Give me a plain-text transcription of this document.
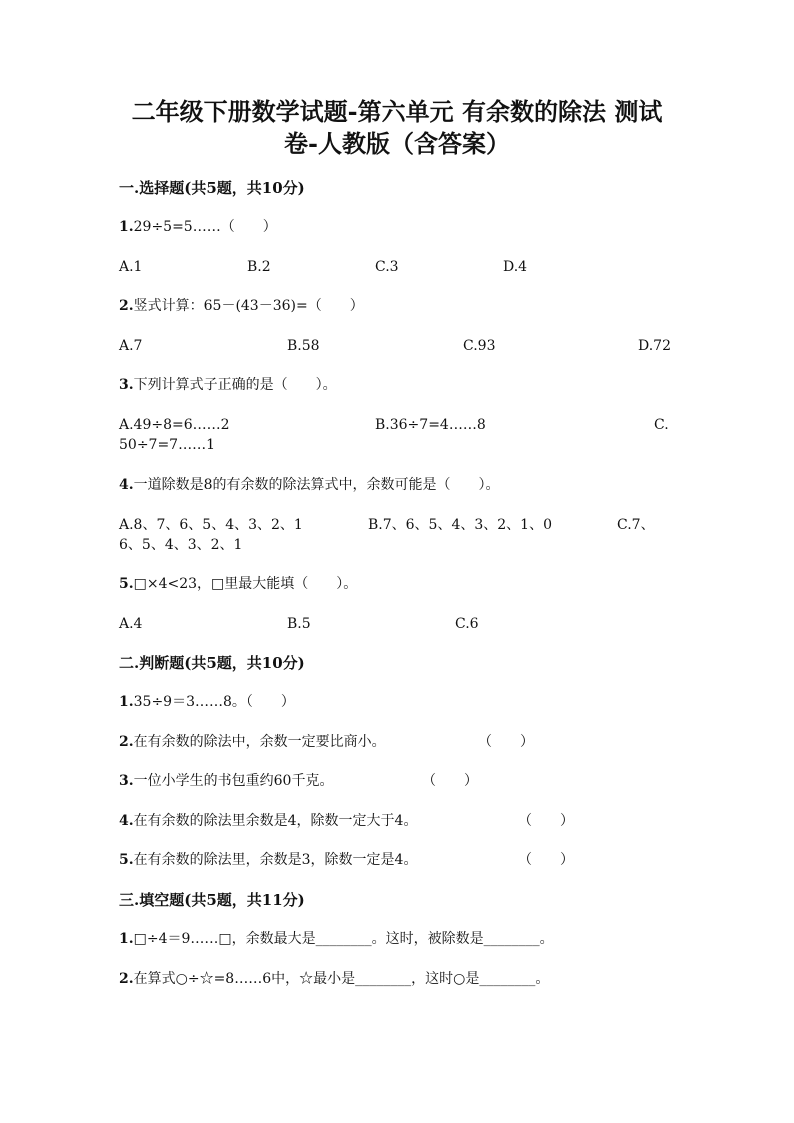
二年级下册数学试题-第六单元 有余数的除法 测试
卷-人教版（含答案）
一.选择题(共5题，共10分)
1.29÷5=5……（　　）
A.1	B.2	C.3	D.4
2.竖式计算：65－(43－36)=（　　）
A.7	B.58	C.93	D.72
3.下列计算式子正确的是（　　）。
A.49÷8=6……2	B.36÷7=4……8	C.
50÷7=7……1
4.一道除数是8的有余数的除法算式中，余数可能是（　　）。
A.8、7、6、5、4、3、2、1	B.7、6、5、4、3、2、1、0	C.7、
6、5、4、3、2、1
5.□×4<23，□里最大能填（　　）。
A.4	B.5	C.6
二.判断题(共5题，共10分)
1.35÷9＝3……8。（　　）
2.在有余数的除法中，余数一定要比商小。	（　　）
3.一位小学生的书包重约60千克。	（　　）
4.在有余数的除法里余数是4，除数一定大于4。	（　　）
5.在有余数的除法里，余数是3，除数一定是4。	（　　）
三.填空题(共5题，共11分)
1.□÷4＝9……□，余数最大是________。这时，被除数是________。
2.在算式○÷☆=8……6中，☆最小是________，这时○是________。
